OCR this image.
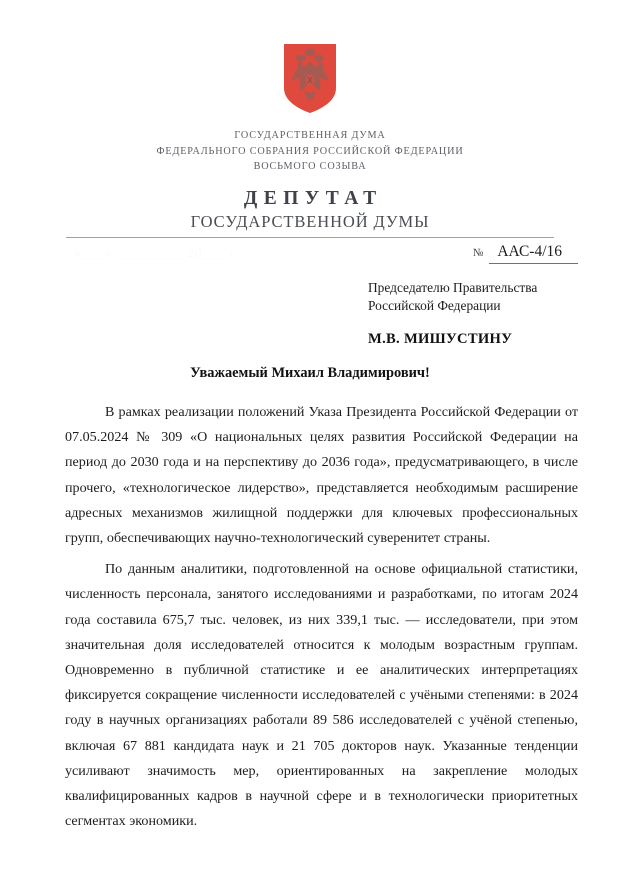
ГОСУДАРСТВЕННАЯ ДУМА
ФЕДЕРАЛЬНОГО СОБРАНИЯ РОССИЙСКОЙ ФЕДЕРАЦИИ
ВОСЬМОГО СОЗЫВА
ДЕПУТАТ
ГОСУДАРСТВЕННОЙ ДУМЫ
«___» _________ 20___ г.	№ ААС-4/16
Председателю Правительства
Российской Федерации
М.В. МИШУСТИНУ
Уважаемый Михаил Владимирович!

В рамках реализации положений Указа Президента Российской Федерации от 07.05.2024 № 309 «О национальных целях развития Российской Федерации на период до 2030 года и на перспективу до 2036 года», предусматривающего, в числе прочего, «технологическое лидерство», представляется необходимым расширение адресных механизмов жилищной поддержки для ключевых профессиональных групп, обеспечивающих научно-технологический суверенитет страны.

По данным аналитики, подготовленной на основе официальной статистики, численность персонала, занятого исследованиями и разработками, по итогам 2024 года составила 675,7 тыс. человек, из них 339,1 тыс. — исследователи, при этом значительная доля исследователей относится к молодым возрастным группам. Одновременно в публичной статистике и ее аналитических интерпретациях фиксируется сокращение численности исследователей с учёными степенями: в 2024 году в научных организациях работали 89 586 исследователей с учёной степенью, включая 67 881 кандидата наук и 21 705 докторов наук. Указанные тенденции усиливают значимость мер, ориентированных на закрепление молодых квалифицированных кадров в научной сфере и в технологически приоритетных сегментах экономики.
